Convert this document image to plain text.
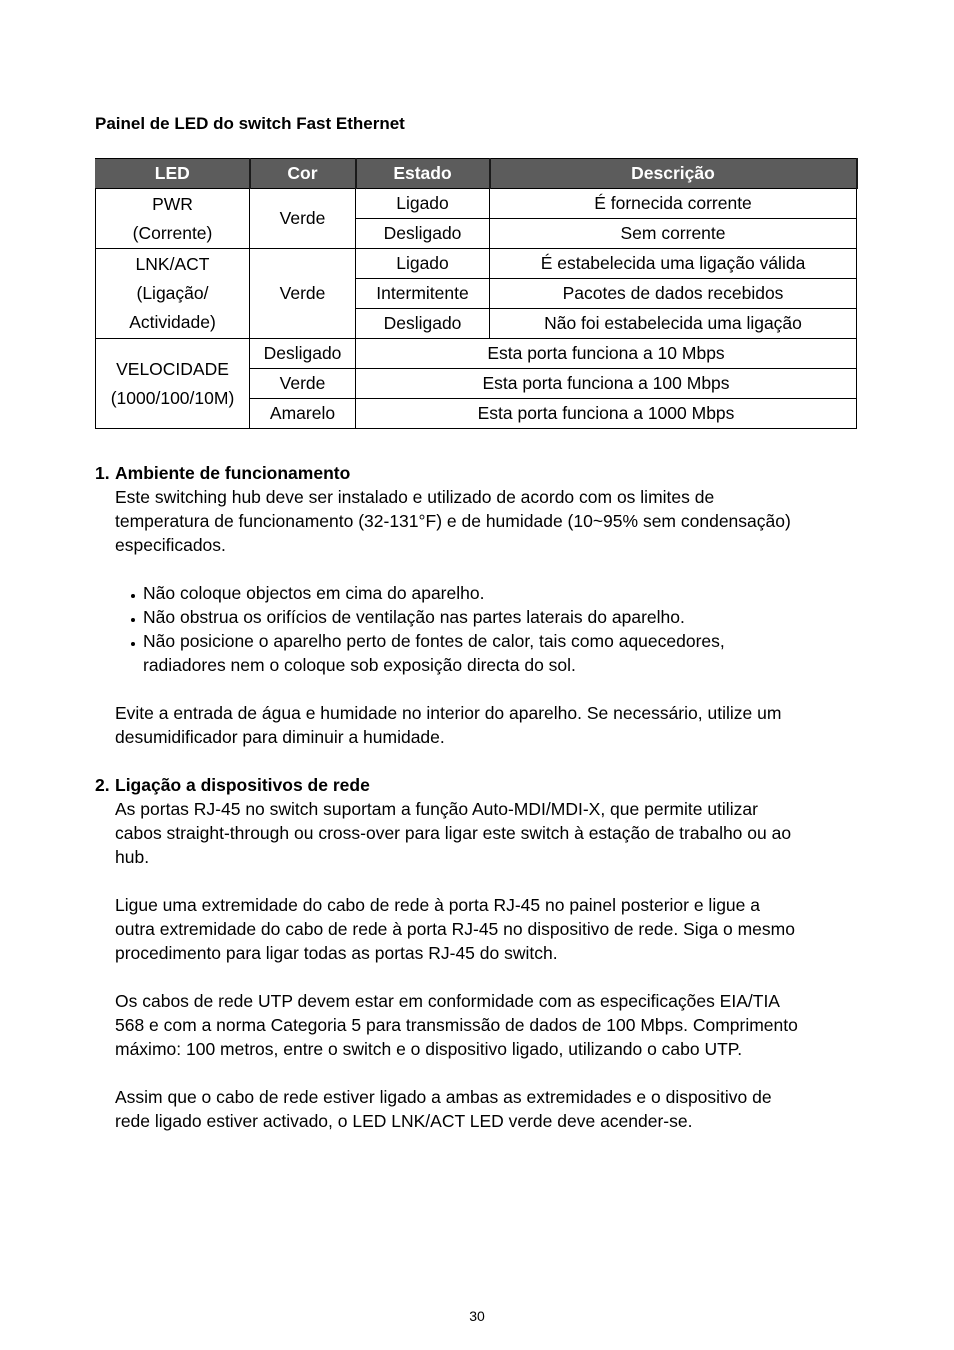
Painel de LED do switch Fast Ethernet
LED	Cor	Estado	Descrição

PWR
(Corrente)	Verde	Ligado	É fornecida corrente
		Desligado	Sem corrente

LNK/ACT
(Ligação/
Actividade)	Verde	Ligado	É estabelecida uma ligação válida
		Intermitente	Pacotes de dados recebidos
		Desligado	Não foi estabelecida uma ligação

VELOCIDADE
(1000/100/10M)	Desligado	Esta porta funciona a 10 Mbps	
	Verde	Esta porta funciona a 100 Mbps	
	Amarelo	Esta porta funciona a 1000 Mbps	
1. Ambiente de funcionamento
Este switching hub deve ser instalado e utilizado de acordo com os limites de
temperatura de funcionamento (32-131°F) e de humidade (10~95% sem condensação)
especificados.
Não coloque objectos em cima do aparelho.
Não obstrua os orifícios de ventilação nas partes laterais do aparelho.
Não posicione o aparelho perto de fontes de calor, tais como aquecedores,
radiadores nem o coloque sob exposição directa do sol.
Evite a entrada de água e humidade no interior do aparelho. Se necessário, utilize um
desumidificador para diminuir a humidade.
2. Ligação a dispositivos de rede
As portas RJ-45 no switch suportam a função Auto-MDI/MDI-X, que permite utilizar
cabos straight-through ou cross-over para ligar este switch à estação de trabalho ou ao
hub.
Ligue uma extremidade do cabo de rede à porta RJ-45 no painel posterior e ligue a
outra extremidade do cabo de rede à porta RJ-45 no dispositivo de rede. Siga o mesmo
procedimento para ligar todas as portas RJ-45 do switch.
Os cabos de rede UTP devem estar em conformidade com as especificações EIA/TIA
568 e com a norma Categoria 5 para transmissão de dados de 100 Mbps. Comprimento
máximo: 100 metros, entre o switch e o dispositivo ligado, utilizando o cabo UTP.
Assim que o cabo de rede estiver ligado a ambas as extremidades e o dispositivo de
rede ligado estiver activado, o LED LNK/ACT LED verde deve acender-se.
30
